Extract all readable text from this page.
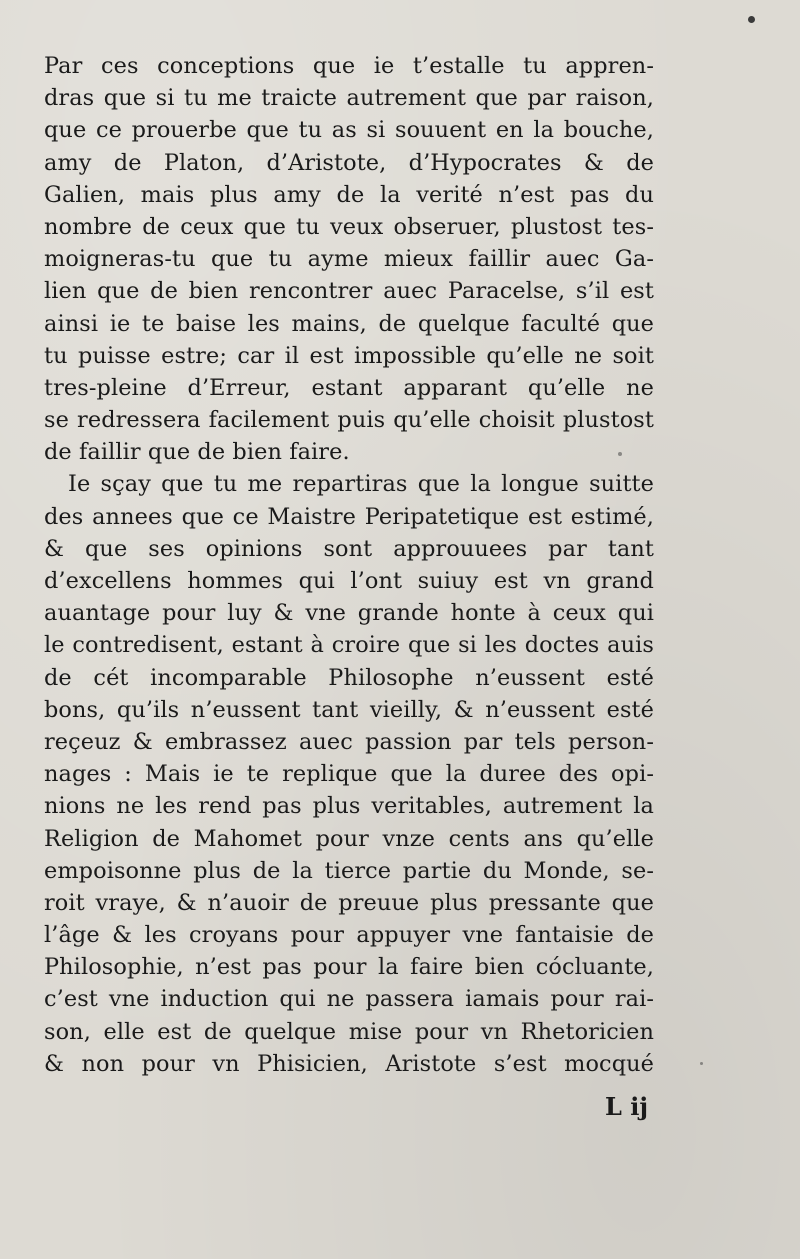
Par ces conceptions que ie t’estalle tu appren-
dras que si tu me traicte autrement que par raison,
que ce prouerbe que tu as si souuent en la bouche,
amy de Platon, d’Aristote, d’Hypocrates & de
Galien, mais plus amy de la verité n’est pas du
nombre de ceux que tu veux obseruer, plustost tes-
moigneras-tu que tu ayme mieux faillir auec Ga-
lien que de bien rencontrer auec Paracelse, s’il est
ainsi ie te baise les mains, de quelque faculté que
tu puisse estre; car il est impossible qu’elle ne soit
tres-pleine d’Erreur, estant apparant qu’elle ne
se redressera facilement puis qu’elle choisit plustost
de faillir que de bien faire.
Ie sçay que tu me repartiras que la longue suitte
des annees que ce Maistre Peripatetique est estimé,
& que ses opinions sont approuuees par tant
d’excellens hommes qui l’ont suiuy est vn grand
auantage pour luy & vne grande honte à ceux qui
le contredisent, estant à croire que si les doctes auis
de cét incomparable Philosophe n’eussent esté
bons, qu’ils n’eussent tant vieilly, & n’eussent esté
reçeuz & embrassez auec passion par tels person-
nages : Mais ie te replique que la duree des opi-
nions ne les rend pas plus veritables, autrement la
Religion de Mahomet pour vnze cents ans qu’elle
empoisonne plus de la tierce partie du Monde, se-
roit vraye, & n’auoir de preuue plus pressante que
l’âge & les croyans pour appuyer vne fantaisie de
Philosophie, n’est pas pour la faire bien cócluante,
c’est vne induction qui ne passera iamais pour rai-
son, elle est de quelque mise pour vn Rhetoricien
& non pour vn Phisicien, Aristote s’est mocqué
L ij
